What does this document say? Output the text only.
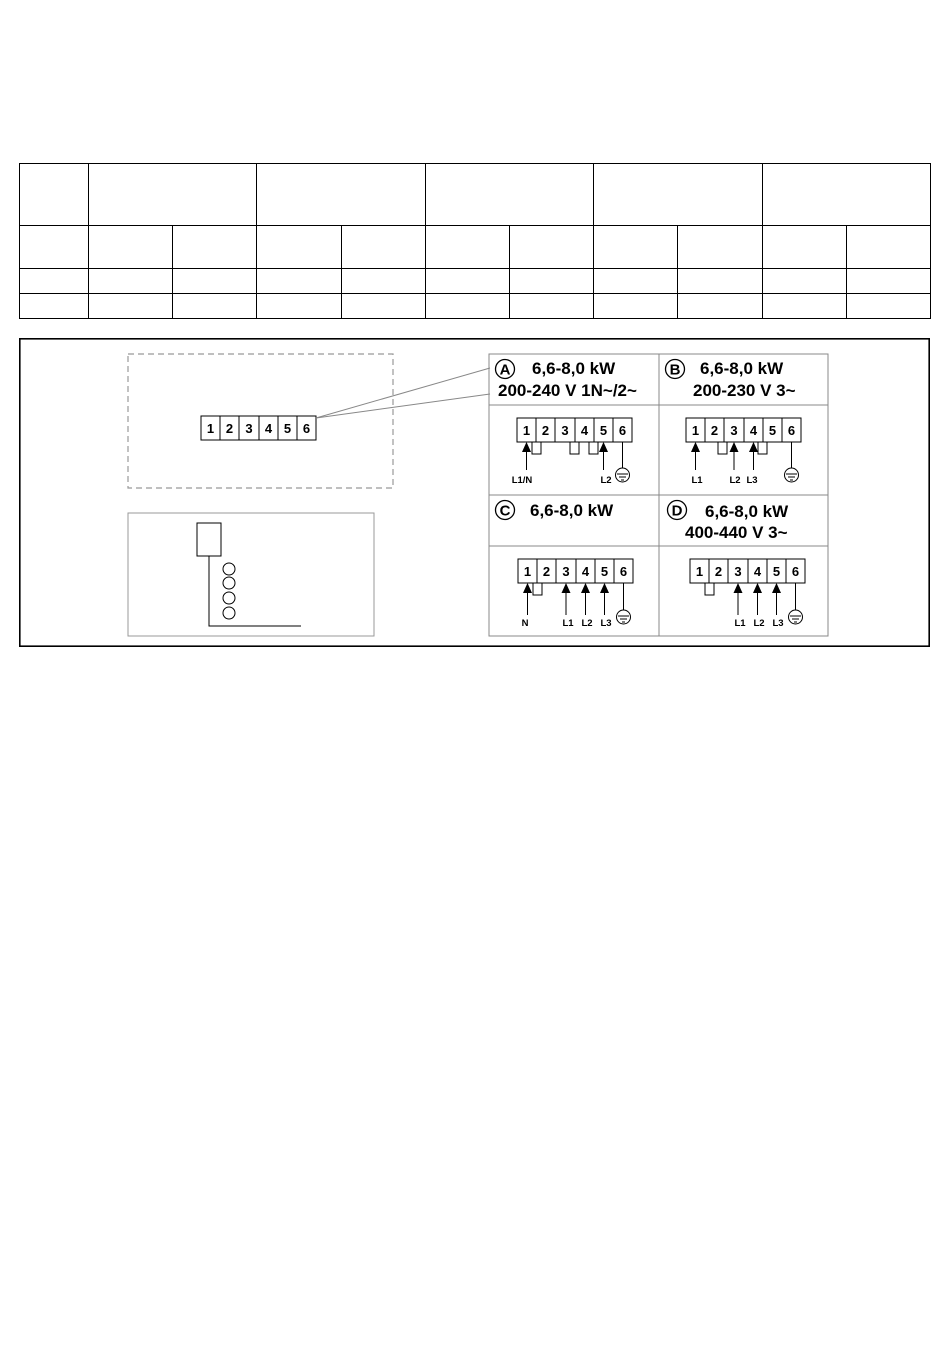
1 2 3 4 5 6
A 6,6-8,0 kW
200-240 V 1N~/2~
1 2 3 4 5 6
L1/N	L2
B 6,6-8,0 kW
200-230 V 3~
1 2 3 4 5 6
L1	L2 L3
C 6,6-8,0 kW
1 2 3 4 5 6
N	L1 L2 L3
D 6,6-8,0 kW
400-440 V 3~
1 2 3 4 5 6
L1 L2 L3
